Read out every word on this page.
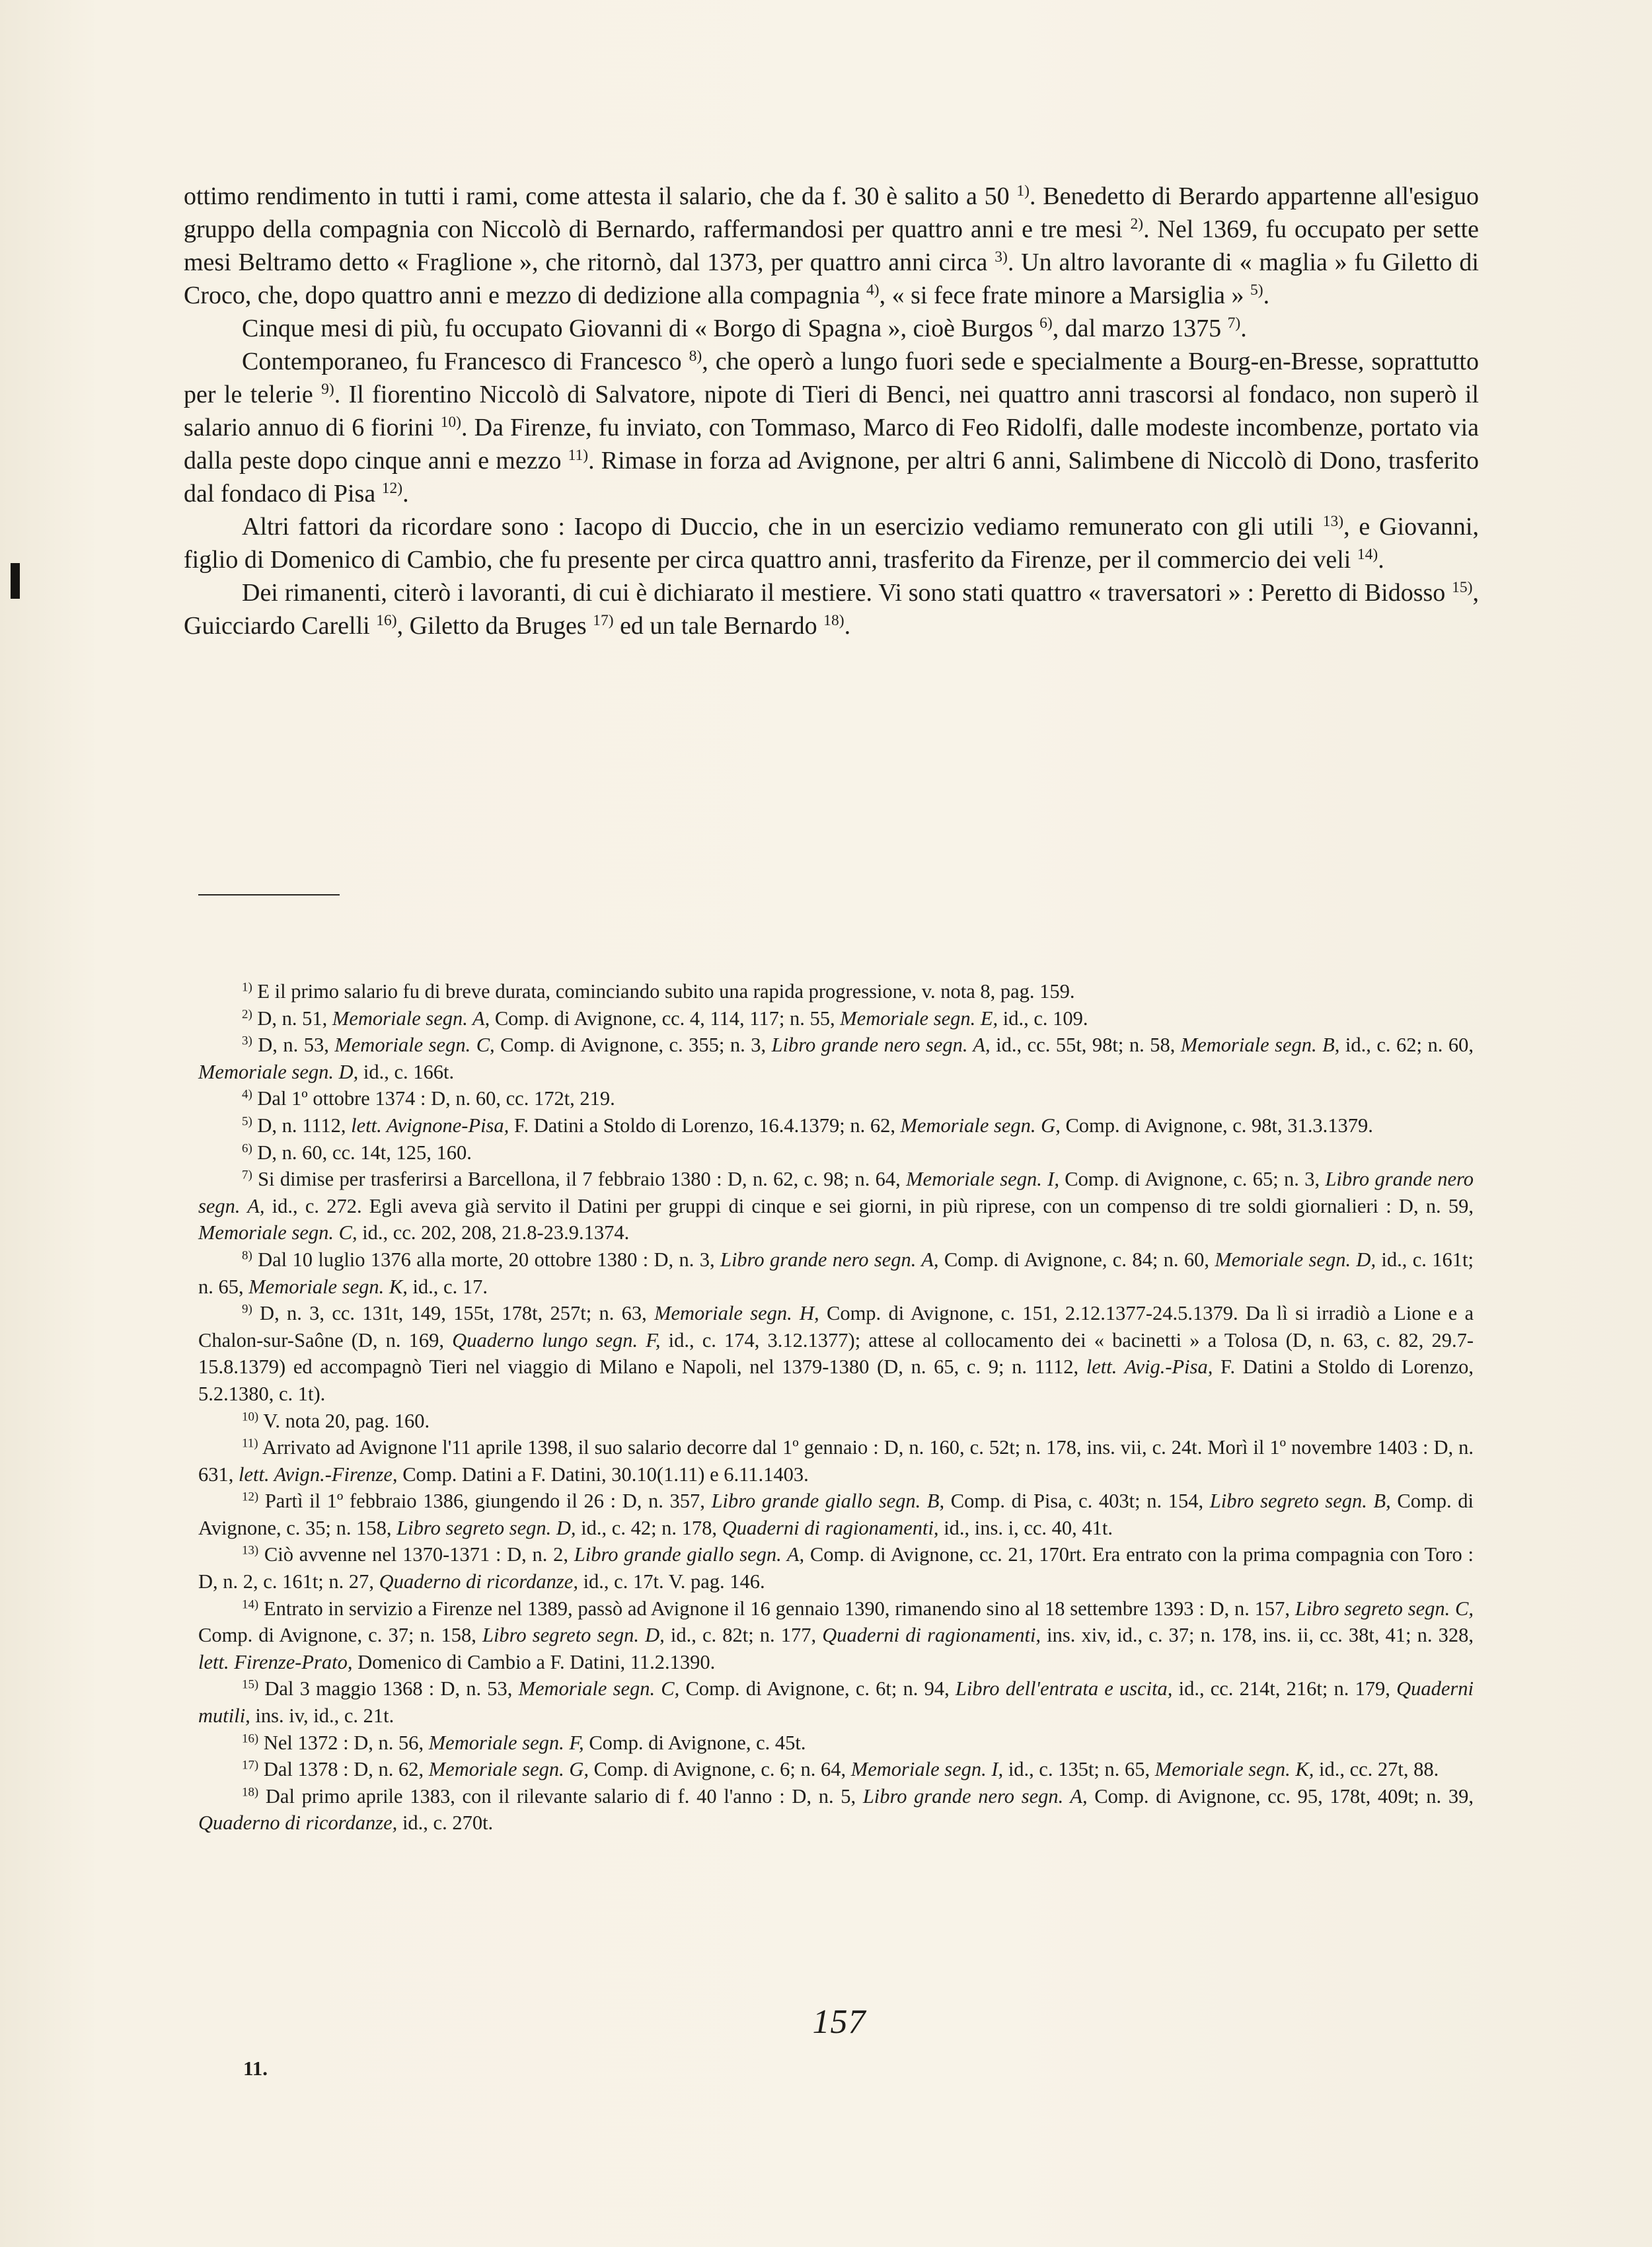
ottimo rendimento in tutti i rami, come attesta il salario, che da f. 30 è salito a 50 $^{1)}$. Benedetto di Berardo appartenne all'esiguo gruppo della compagnia con Niccolò di Bernardo, raffermandosi per quattro anni e tre mesi $^{2)}$. Nel 1369, fu occupato per sette mesi Beltramo detto « Fraglione », che ritornò, dal 1373, per quattro anni circa $^{3)}$. Un altro lavorante di « maglia » fu Giletto di Croco, che, dopo quattro anni e mezzo di dedizione alla compagnia $^{4)}$, « si fece frate minore a Marsiglia » $^{5)}$.

Cinque mesi di più, fu occupato Giovanni di « Borgo di Spagna », cioè Burgos $^{6)}$, dal marzo 1375 $^{7)}$.

Contemporaneo, fu Francesco di Francesco $^{8)}$, che operò a lungo fuori sede e specialmente a Bourg-en-Bresse, soprattutto per le telerie $^{9)}$. Il fiorentino Niccolò di Salvatore, nipote di Tieri di Benci, nei quattro anni trascorsi al fondaco, non superò il salario annuo di 6 fiorini $^{10)}$. Da Firenze, fu inviato, con Tommaso, Marco di Feo Ridolfi, dalle modeste incombenze, portato via dalla peste dopo cinque anni e mezzo $^{11)}$. Rimase in forza ad Avignone, per altri 6 anni, Salimbene di Niccolò di Dono, trasferito dal fondaco di Pisa $^{12)}$.

Altri fattori da ricordare sono : Iacopo di Duccio, che in un esercizio vediamo remunerato con gli utili $^{13)}$, e Giovanni, figlio di Domenico di Cambio, che fu presente per circa quattro anni, trasferito da Firenze, per il commercio dei veli $^{14)}$.

Dei rimanenti, citerò i lavoranti, di cui è dichiarato il mestiere. Vi sono stati quattro « traversatori » : Peretto di Bidosso $^{15)}$, Guicciardo Carelli $^{16)}$, Giletto da Bruges $^{17)}$ ed un tale Bernardo $^{18)}$.

$^{1)}$ E il primo salario fu di breve durata, cominciando subito una rapida progressione, v. nota 8, pag. 159.

$^{2)}$ D, n. 51, Memoriale segn. A, Comp. di Avignone, cc. 4, 114, 117; n. 55, Memoriale segn. E, id., c. 109.

$^{3)}$ D, n. 53, Memoriale segn. C, Comp. di Avignone, c. 355; n. 3, Libro grande nero segn. A, id., cc. 55t, 98t; n. 58, Memoriale segn. B, id., c. 62; n. 60, Memoriale segn. D, id., c. 166t.

$^{4)}$ Dal 1º ottobre 1374 : D, n. 60, cc. 172t, 219.

$^{5)}$ D, n. 1112, lett. Avignone-Pisa, F. Datini a Stoldo di Lorenzo, 16.4.1379; n. 62, Memoriale segn. G, Comp. di Avignone, c. 98t, 31.3.1379.

$^{6)}$ D, n. 60, cc. 14t, 125, 160.

$^{7)}$ Si dimise per trasferirsi a Barcellona, il 7 febbraio 1380 : D, n. 62, c. 98; n. 64, Memoriale segn. I, Comp. di Avignone, c. 65; n. 3, Libro grande nero segn. A, id., c. 272. Egli aveva già servito il Datini per gruppi di cinque e sei giorni, in più riprese, con un compenso di tre soldi giornalieri : D, n. 59, Memoriale segn. C, id., cc. 202, 208, 21.8-23.9.1374.

$^{8)}$ Dal 10 luglio 1376 alla morte, 20 ottobre 1380 : D, n. 3, Libro grande nero segn. A, Comp. di Avignone, c. 84; n. 60, Memoriale segn. D, id., c. 161t; n. 65, Memoriale segn. K, id., c. 17.

$^{9)}$ D, n. 3, cc. 131t, 149, 155t, 178t, 257t; n. 63, Memoriale segn. H, Comp. di Avignone, c. 151, 2.12.1377-24.5.1379. Da lì si irradiò a Lione e a Chalon-sur-Saône (D, n. 169, Quaderno lungo segn. F, id., c. 174, 3.12.1377); attese al collocamento dei « bacinetti » a Tolosa (D, n. 63, c. 82, 29.7-15.8.1379) ed accompagnò Tieri nel viaggio di Milano e Napoli, nel 1379-1380 (D, n. 65, c. 9; n. 1112, lett. Avig.-Pisa, F. Datini a Stoldo di Lorenzo, 5.2.1380, c. 1t).

$^{10)}$ V. nota 20, pag. 160.

$^{11)}$ Arrivato ad Avignone l'11 aprile 1398, il suo salario decorre dal 1º gennaio : D, n. 160, c. 52t; n. 178, ins. vii, c. 24t. Morì il 1º novembre 1403 : D, n. 631, lett. Avign.-Firenze, Comp. Datini a F. Datini, 30.10(1.11) e 6.11.1403.

$^{12)}$ Partì il 1º febbraio 1386, giungendo il 26 : D, n. 357, Libro grande giallo segn. B, Comp. di Pisa, c. 403t; n. 154, Libro segreto segn. B, Comp. di Avignone, c. 35; n. 158, Libro segreto segn. D, id., c. 42; n. 178, Quaderni di ragionamenti, id., ins. i, cc. 40, 41t.

$^{13)}$ Ciò avvenne nel 1370-1371 : D, n. 2, Libro grande giallo segn. A, Comp. di Avignone, cc. 21, 170rt. Era entrato con la prima compagnia con Toro : D, n. 2, c. 161t; n. 27, Quaderno di ricordanze, id., c. 17t. V. pag. 146.

$^{14)}$ Entrato in servizio a Firenze nel 1389, passò ad Avignone il 16 gennaio 1390, rimanendo sino al 18 settembre 1393 : D, n. 157, Libro segreto segn. C, Comp. di Avignone, c. 37; n. 158, Libro segreto segn. D, id., c. 82t; n. 177, Quaderni di ragionamenti, ins. xiv, id., c. 37; n. 178, ins. ii, cc. 38t, 41; n. 328, lett. Firenze-Prato, Domenico di Cambio a F. Datini, 11.2.1390.

$^{15)}$ Dal 3 maggio 1368 : D, n. 53, Memoriale segn. C, Comp. di Avignone, c. 6t; n. 94, Libro dell'entrata e uscita, id., cc. 214t, 216t; n. 179, Quaderni mutili, ins. iv, id., c. 21t.

$^{16)}$ Nel 1372 : D, n. 56, Memoriale segn. F, Comp. di Avignone, c. 45t.

$^{17)}$ Dal 1378 : D, n. 62, Memoriale segn. G, Comp. di Avignone, c. 6; n. 64, Memoriale segn. I, id., c. 135t; n. 65, Memoriale segn. K, id., cc. 27t, 88.

$^{18)}$ Dal primo aprile 1383, con il rilevante salario di f. 40 l'anno : D, n. 5, Libro grande nero segn. A, Comp. di Avignone, cc. 95, 178t, 409t; n. 39, Quaderno di ricordanze, id., c. 270t.

157
11.
